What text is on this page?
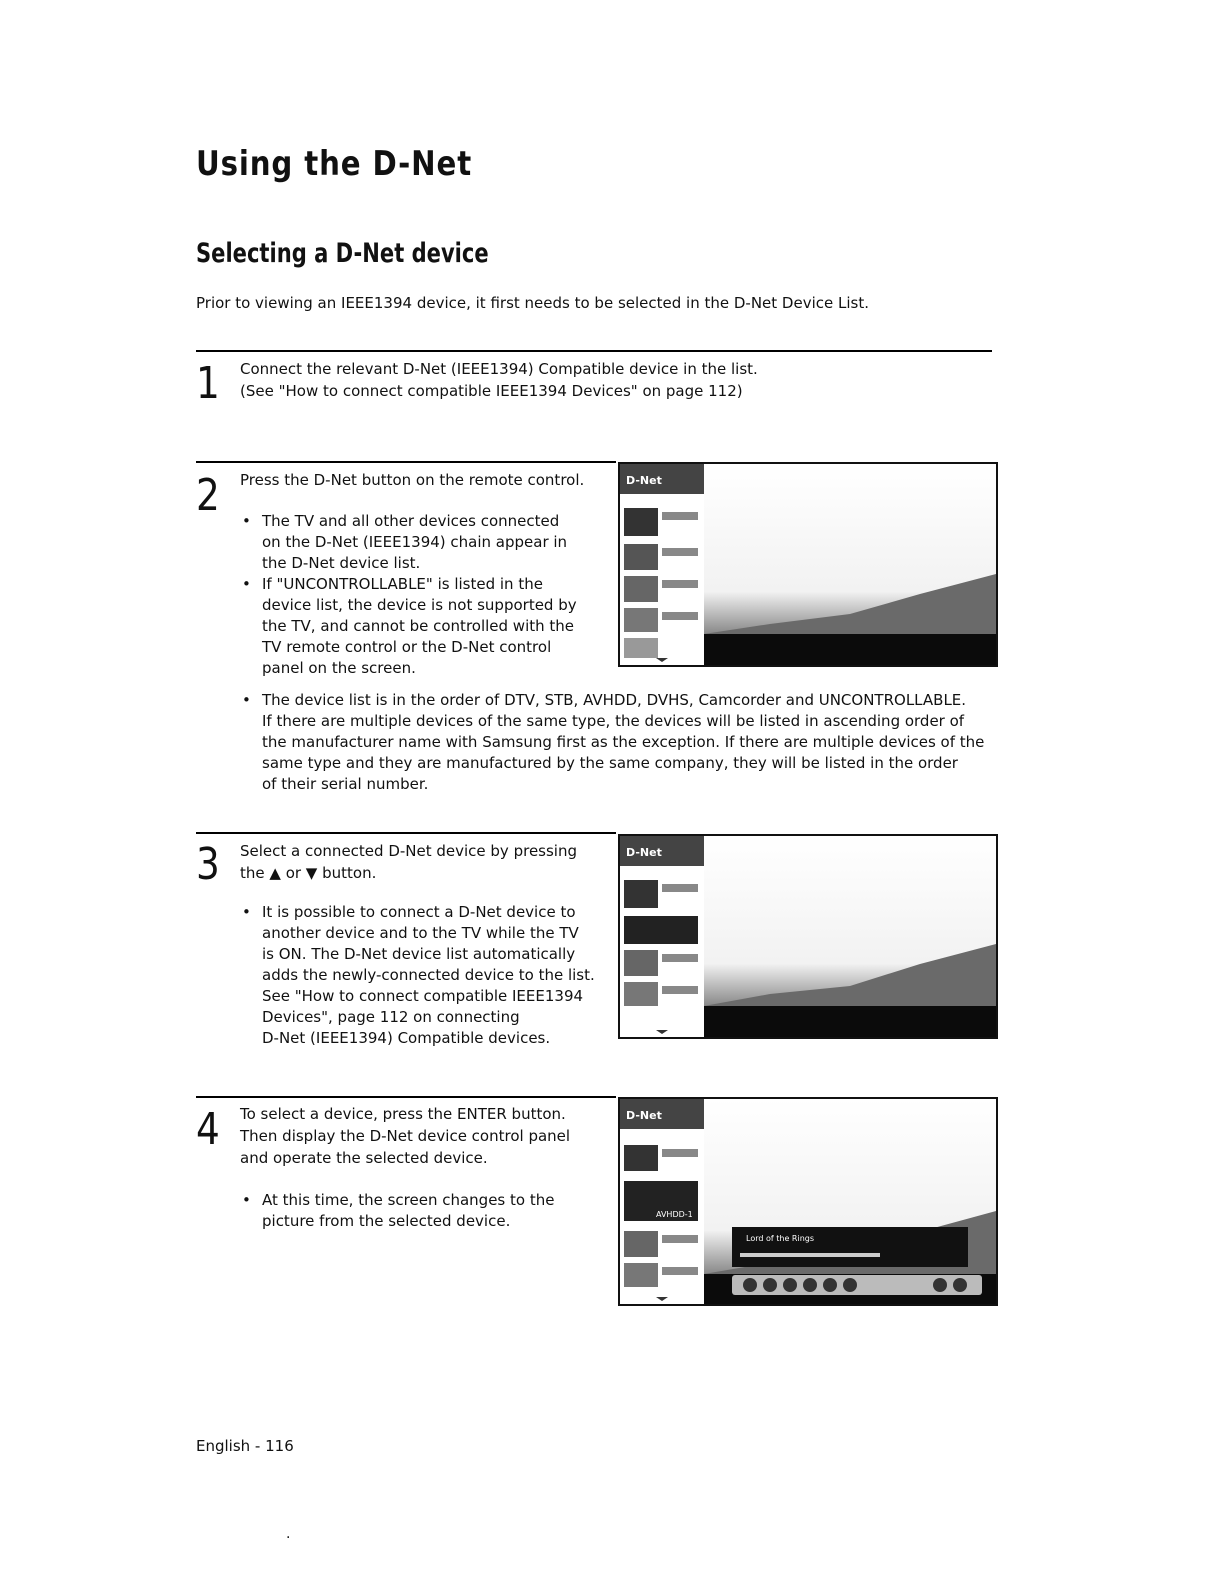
Using the D-Net
Selecting a D-Net device
Prior to viewing an IEEE1394 device, it first needs to be selected in the D-Net Device List.
1 Connect the relevant D-Net (IEEE1394) Compatible device in the list.
(See "How to connect compatible IEEE1394 Devices" on page 112)
2 Press the D-Net button on the remote control.
• The TV and all other devices connected
on the D-Net (IEEE1394) chain appear in
the D-Net device list.
• If "UNCONTROLLABLE" is listed in the
device list, the device is not supported by
the TV, and cannot be controlled with the
TV remote control or the D-Net control
panel on the screen.
• The device list is in the order of DTV, STB, AVHDD, DVHS, Camcorder and UNCONTROLLABLE.
If there are multiple devices of the same type, the devices will be listed in ascending order of
the manufacturer name with Samsung first as the exception. If there are multiple devices of the
same type and they are manufactured by the same company, they will be listed in the order
of their serial number.
D-Net
3 Select a connected D-Net device by pressing
the ▲ or ▼ button.
• It is possible to connect a D-Net device to
another device and to the TV while the TV
is ON. The D-Net device list automatically
adds the newly-connected device to the list.
See "How to connect compatible IEEE1394
Devices", page 112 on connecting
D-Net (IEEE1394) Compatible devices.
D-Net
4 To select a device, press the ENTER button.
Then display the D-Net device control panel
and operate the selected device.
• At this time, the screen changes to the
picture from the selected device.
D-Net
AVHDD-1
Lord of the Rings
English - 116
·
